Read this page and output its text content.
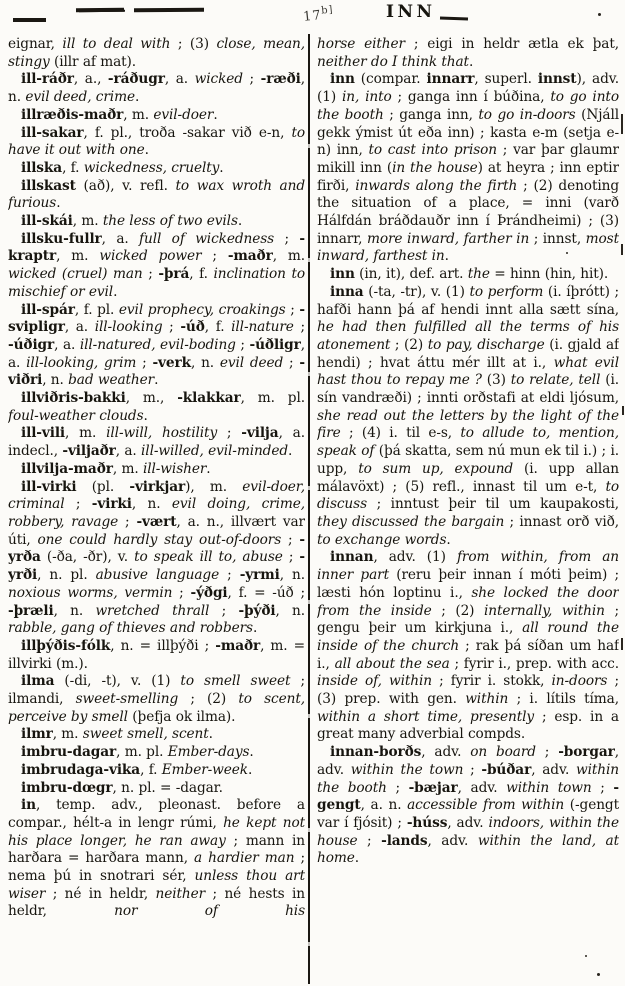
$17^{b]}$	INN

eignar, ill to deal with ; (3) close, mean, stingy (illr af mat).

ill-ráðr, a., -ráðugr, a. wicked ; -ræði, n. evil deed, crime.

illræðis-maðr, m. evil-doer.

ill-sakar, f. pl., troða -sakar við e-n, to have it out with one.

illska, f. wickedness, cruelty.

illskast (að), v. refl. to wax wroth and furious.

ill-skái, m. the less of two evils.

illsku-fullr, a. full of wickedness ; -kraptr, m. wicked power ; -maðr, m. wicked (cruel) man ; -þrá, f. inclination to mischief or evil.

ill-spár, f. pl. evil prophecy, croakings ; -svipligr, a. ill-looking ; -úð, f. ill-nature ; -úðigr, a. ill-natured, evil-boding ; -úðligr, a. ill-looking, grim ; -verk, n. evil deed ; -viðri, n. bad weather.

illviðris-bakki, m., -klakkar, m. pl. foul-weather clouds.

ill-vili, m. ill-will, hostility ; -vilja, a. indecl., -viljaðr, a. ill-willed, evil-minded.

illvilja-maðr, m. ill-wisher.

ill-virki (pl. -virkjar), m. evil-doer, criminal ; -virki, n. evil doing, crime, robbery, ravage ; -vært, a. n., illvært var úti, one could hardly stay out-of-doors ; -yrða (-ða, -ðr), v. to speak ill to, abuse ; -yrði, n. pl. abusive language ; -yrmi, n. noxious worms, vermin ; -ýðgi, f. = -úð ; -þræli, n. wretched thrall ; -þýði, n. rabble, gang of thieves and robbers.

illþýðis-fólk, n. = illþýði ; -maðr, m. = illvirki (m.).

ilma (-di, -t), v. (1) to smell sweet ; ilmandi, sweet-smelling ; (2) to scent, perceive by smell (þefja ok ilma).

ilmr, m. sweet smell, scent.

imbru-dagar, m. pl. Ember-days.

imbrudaga-vika, f. Ember-week.

imbru-dœgr, n. pl. = -dagar.

in, temp. adv., pleonast. before a compar., hélt-a in lengr rúmi, he kept not his place longer, he ran away ; mann in harðara = harðara mann, a hardier man ; nema þú in snotrari sér, unless thou art wiser ; né in heldr, neither ; né hests in heldr, nor of his

horse either ; eigi in heldr ætla ek þat, neither do I think that.

inn (compar. innarr, superl. innst), adv. (1) in, into ; ganga inn í búðina, to go into the booth ; ganga inn, to go in-doors (Njáll gekk ýmist út eða inn) ; kasta e-m (setja e-n) inn, to cast into prison ; var þar glaumr mikill inn (in the house) at heyra ; inn eptir firði, inwards along the firth ; (2) denoting the situation of a place, = inni (varð Hálfdán bráðdauðr inn í Þrándheimi) ; (3) innarr, more inward, farther in ; innst, most inward, farthest in.

inn (in, it), def. art. the = hinn (hin, hit).

inna (-ta, -tr), v. (1) to perform (i. íþrótt) ; hafði hann þá af hendi innt alla sætt sína, he had then fulfilled all the terms of his atonement ; (2) to pay, discharge (i. gjald af hendi) ; hvat áttu mér illt at i., what evil hast thou to repay me ? (3) to relate, tell (i. sín vandræði) ; innti orðstafi at eldi ljósum, she read out the letters by the light of the fire ; (4) i. til e-s, to allude to, mention, speak of (þá skatta, sem nú mun ek til i.) ; i. upp, to sum up, expound (i. upp allan málavöxt) ; (5) refl., innast til um e-t, to discuss ; inntust þeir til um kaupakosti, they discussed the bargain ; innast orð við, to exchange words.

innan, adv. (1) from within, from an inner part (reru þeir innan í móti þeim) ; læsti hón loptinu i., she locked the door from the inside ; (2) internally, within ; gengu þeir um kirkjuna i., all round the inside of the church ; rak þá síðan um haf i., all about the sea ; fyrir i., prep. with acc. inside of, within ; fyrir i. stokk, in-doors ; (3) prep. with gen. within ; i. lítils tíma, within a short time, presently ; esp. in a great many adverbial compds.

innan-borðs, adv. on board ; -borgar, adv. within the town ; -búðar, adv. within the booth ; -bæjar, adv. within town ; -gengt, a. n. accessible from within (-gengt var í fjósit) ; -húss, adv. indoors, within the house ; -lands, adv. within the land, at home.
